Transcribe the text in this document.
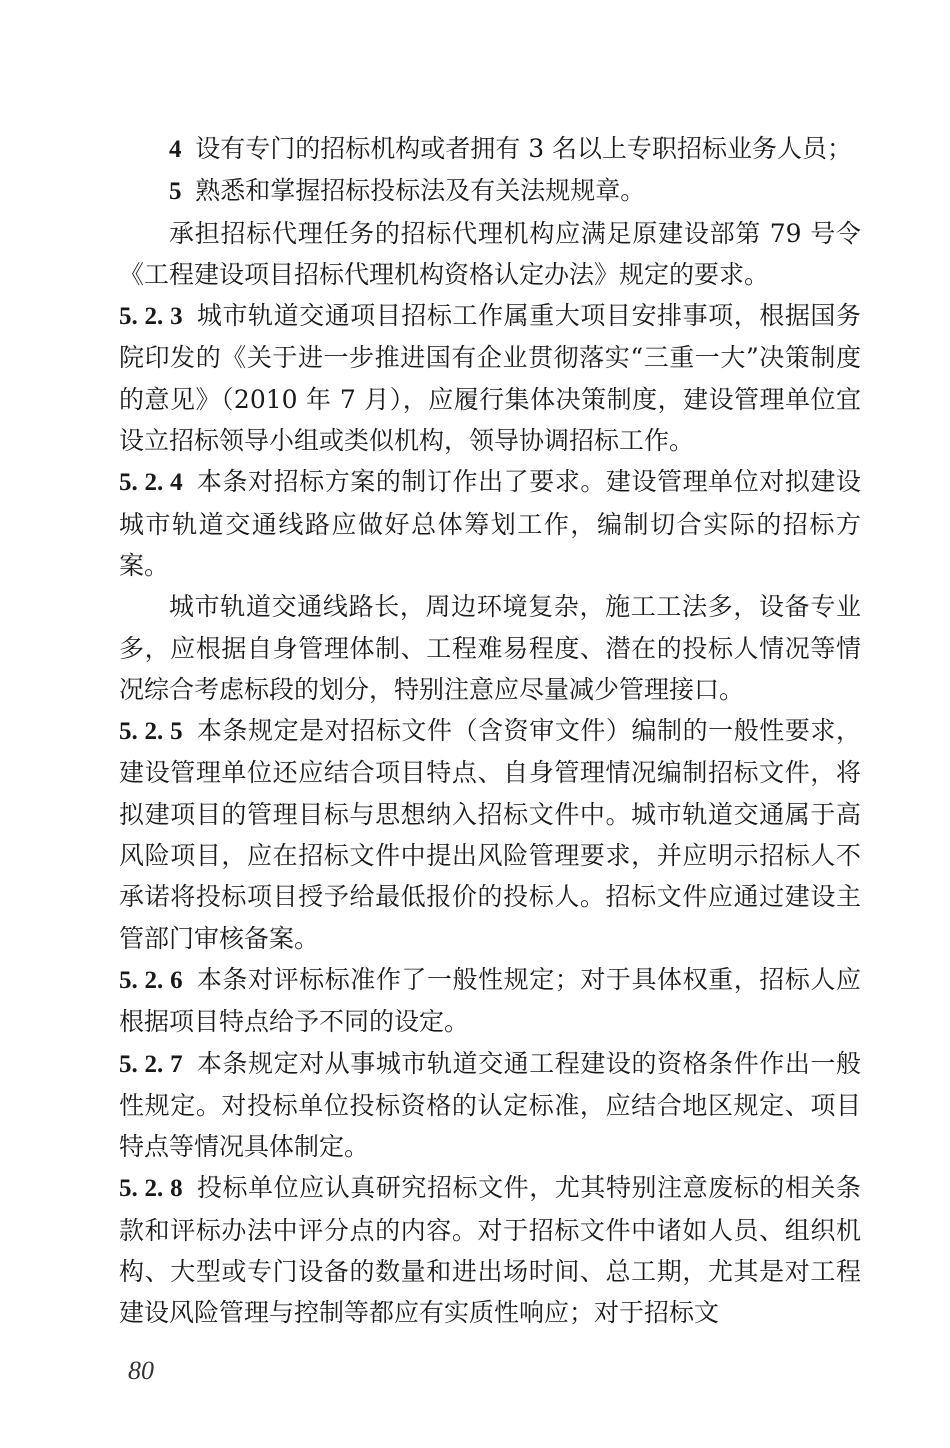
4 设有专门的招标机构或者拥有 3 名以上专职招标业务人员；

5 熟悉和掌握招标投标法及有关法规规章。

承担招标代理任务的招标代理机构应满足原建设部第 79 号令《工程建设项目招标代理机构资格认定办法》规定的要求。

5. 2. 3 城市轨道交通项目招标工作属重大项目安排事项，根据国务院印发的《关于进一步推进国有企业贯彻落实“三重一大”决策制度的意见》（2010 年 7 月），应履行集体决策制度，建设管理单位宜设立招标领导小组或类似机构，领导协调招标工作。

5. 2. 4 本条对招标方案的制订作出了要求。建设管理单位对拟建设城市轨道交通线路应做好总体筹划工作，编制切合实际的招标方案。

城市轨道交通线路长，周边环境复杂，施工工法多，设备专业多，应根据自身管理体制、工程难易程度、潜在的投标人情况等情况综合考虑标段的划分，特别注意应尽量减少管理接口。

5. 2. 5 本条规定是对招标文件（含资审文件）编制的一般性要求，建设管理单位还应结合项目特点、自身管理情况编制招标文件，将拟建项目的管理目标与思想纳入招标文件中。城市轨道交通属于高风险项目，应在招标文件中提出风险管理要求，并应明示招标人不承诺将投标项目授予给最低报价的投标人。招标文件应通过建设主管部门审核备案。

5. 2. 6 本条对评标标准作了一般性规定；对于具体权重，招标人应根据项目特点给予不同的设定。

5. 2. 7 本条规定对从事城市轨道交通工程建设的资格条件作出一般性规定。对投标单位投标资格的认定标准，应结合地区规定、项目特点等情况具体制定。

5. 2. 8 投标单位应认真研究招标文件，尤其特别注意废标的相关条款和评标办法中评分点的内容。对于招标文件中诸如人员、组织机构、大型或专门设备的数量和进出场时间、总工期，尤其是对工程建设风险管理与控制等都应有实质性响应；对于招标文

80
